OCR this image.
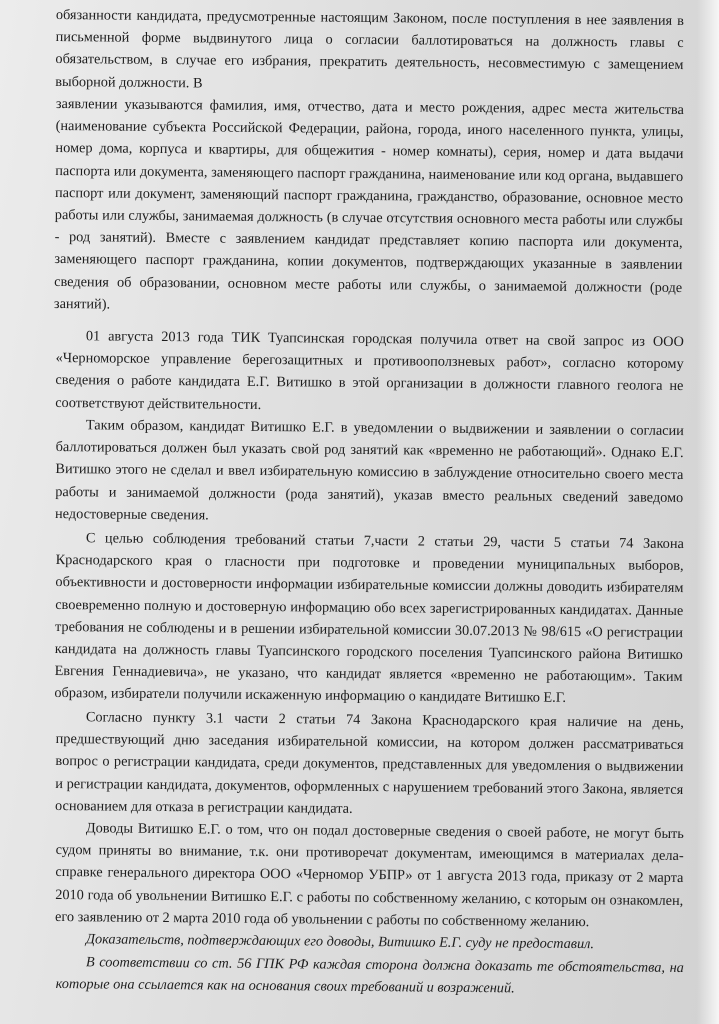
обязанности кандидата, предусмотренные настоящим Законом, после поступления в нее заявления в письменной форме выдвинутого лица о согласии баллотироваться на должность главы с обязательством, в случае его избрания, прекратить деятельность, несовместимую с замещением выборной должности. В

заявлении указываются фамилия, имя, отчество, дата и место рождения, адрес места жительства (наименование субъекта Российской Федерации, района, города, иного населенного пункта, улицы, номер дома, корпуса и квартиры, для общежития - номер комнаты), серия, номер и дата выдачи паспорта или документа, заменяющего паспорт гражданина, наименование или код органа, выдавшего паспорт или документ, заменяющий паспорт гражданина, гражданство, образование, основное место работы или службы, занимаемая должность (в случае отсутствия основного места работы или службы - род занятий). Вместе с заявлением кандидат представляет копию паспорта или документа, заменяющего паспорт гражданина, копии документов, подтверждающих указанные в заявлении сведения об образовании, основном месте работы или службы, о занимаемой должности (роде занятий).

01 августа 2013 года ТИК Туапсинская городская получила ответ на свой запрос из ООО «Черноморское управление берегозащитных и противооползневых работ», согласно которому сведения о работе кандидата Е.Г. Витишко в этой организации в должности главного геолога не соответствуют действительности.

Таким образом, кандидат Витишко Е.Г. в уведомлении о выдвижении и заявлении о согласии баллотироваться должен был указать свой род занятий как «временно не работающий». Однако Е.Г. Витишко этого не сделал и ввел избирательную комиссию в заблуждение относительно своего места работы и занимаемой должности (рода занятий), указав вместо реальных сведений заведомо недостоверные сведения.

С целью соблюдения требований статьи 7,части 2 статьи 29, части 5 статьи 74 Закона Краснодарского края о гласности при подготовке и проведении муниципальных выборов, объективности и достоверности информации избирательные комиссии должны доводить избирателям своевременно полную и достоверную информацию обо всех зарегистрированных кандидатах. Данные требования не соблюдены и в решении избирательной комиссии 30.07.2013 № 98/615 «О регистрации кандидата на должность главы Туапсинского городского поселения Туапсинского района Витишко Евгения Геннадиевича», не указано, что кандидат является «временно не работающим». Таким образом, избиратели получили искаженную информацию о кандидате Витишко Е.Г.

Согласно пункту 3.1 части 2 статьи 74 Закона Краснодарского края наличие на день, предшествующий дню заседания избирательной комиссии, на котором должен рассматриваться вопрос о регистрации кандидата, среди документов, представленных для уведомления о выдвижении и регистрации кандидата, документов, оформленных с нарушением требований этого Закона, является основанием для отказа в регистрации кандидата.

Доводы Витишко Е.Г. о том, что он подал достоверные сведения о своей работе, не могут быть судом приняты во внимание, т.к. они противоречат документам, имеющимся в материалах дела- справке генерального директора ООО «Черномор УБПР» от 1 августа 2013 года, приказу от 2 марта 2010 года об увольнении Витишко Е.Г. с работы по собственному желанию, с которым он ознакомлен, его заявлению от 2 марта 2010 года об увольнении с работы по собственному желанию.

Доказательств, подтверждающих его доводы, Витишко Е.Г. суду не предоставил.

В соответствии со ст. 56 ГПК РФ каждая сторона должна доказать те обстоятельства, на которые она ссылается как на основания своих требований и возражений.
